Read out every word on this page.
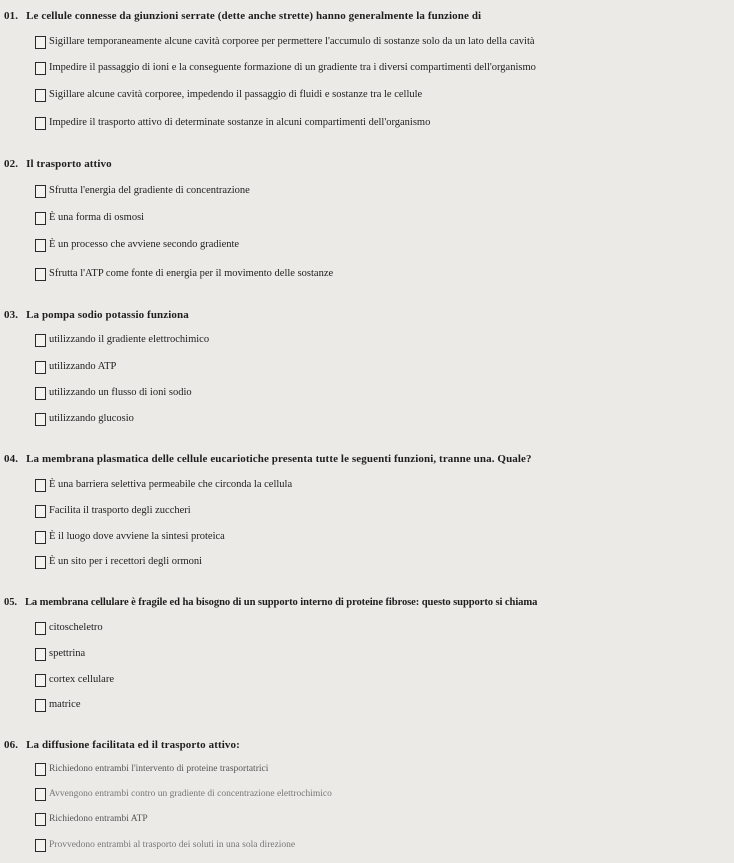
01. Le cellule connesse da giunzioni serrate (dette anche strette) hanno generalmente la funzione di
Sigillare temporaneamente alcune cavità corporee per permettere l'accumulo di sostanze solo da un lato della cavità
Impedire il passaggio di ioni e la conseguente formazione di un gradiente tra i diversi compartimenti dell'organismo
Sigillare alcune cavità corporee, impedendo il passaggio di fluidi e sostanze tra le cellule
Impedire il trasporto attivo di determinate sostanze in alcuni compartimenti dell'organismo
02. Il trasporto attivo
Sfrutta l'energia del gradiente di concentrazione
È una forma di osmosi
È un processo che avviene secondo gradiente
Sfrutta l'ATP come fonte di energia per il movimento delle sostanze
03. La pompa sodio potassio funziona
utilizzando il gradiente elettrochimico
utilizzando ATP
utilizzando un flusso di ioni sodio
utilizzando glucosio
04. La membrana plasmatica delle cellule eucariotiche presenta tutte le seguenti funzioni, tranne una. Quale?
È una barriera selettiva permeabile che circonda la cellula
Facilita il trasporto degli zuccheri
È il luogo dove avviene la sintesi proteica
È un sito per i recettori degli ormoni
05. La membrana cellulare è fragile ed ha bisogno di un supporto interno di proteine fibrose: questo supporto si chiama
citoscheletro
spettrina
cortex cellulare
matrice
06. La diffusione facilitata ed il trasporto attivo:
Richiedono entrambi l'intervento di proteine trasportatrici
Avvengono entrambi contro un gradiente di concentrazione elettrochimico
Richiedono entrambi ATP
Provvedono entrambi al trasporto dei soluti in una sola direzione
